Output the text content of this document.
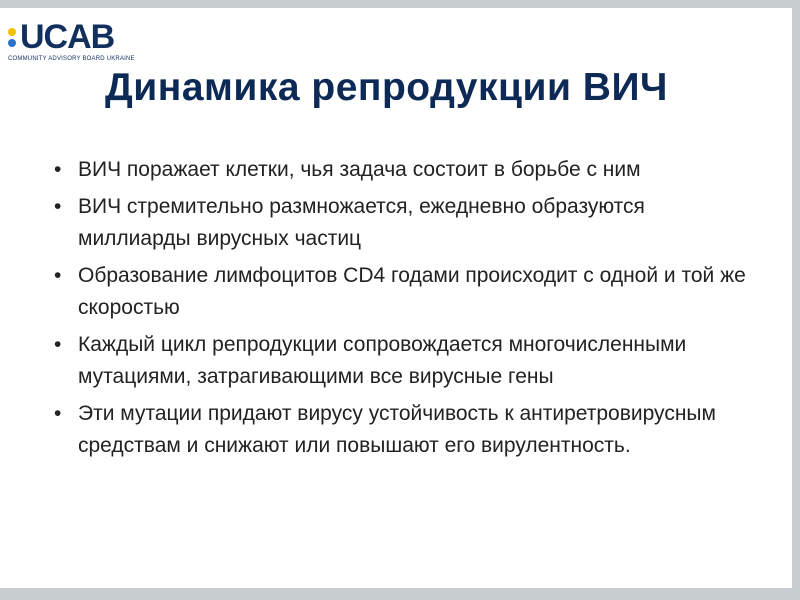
UCAB
COMMUNITY ADVISORY BOARD UKRAINE
Динамика репродукции ВИЧ
• ВИЧ поражает клетки, чья задача состоит в борьбе с ним
• ВИЧ стремительно размножается, ежедневно образуются миллиарды вирусных частиц
• Образование лимфоцитов CD4 годами происходит с одной и той же скоростью
• Каждый цикл репродукции сопровождается многочисленными мутациями, затрагивающими все вирусные гены
• Эти мутации придают вирусу устойчивость к антиретровирусным средствам и снижают или повышают его вирулентность.
